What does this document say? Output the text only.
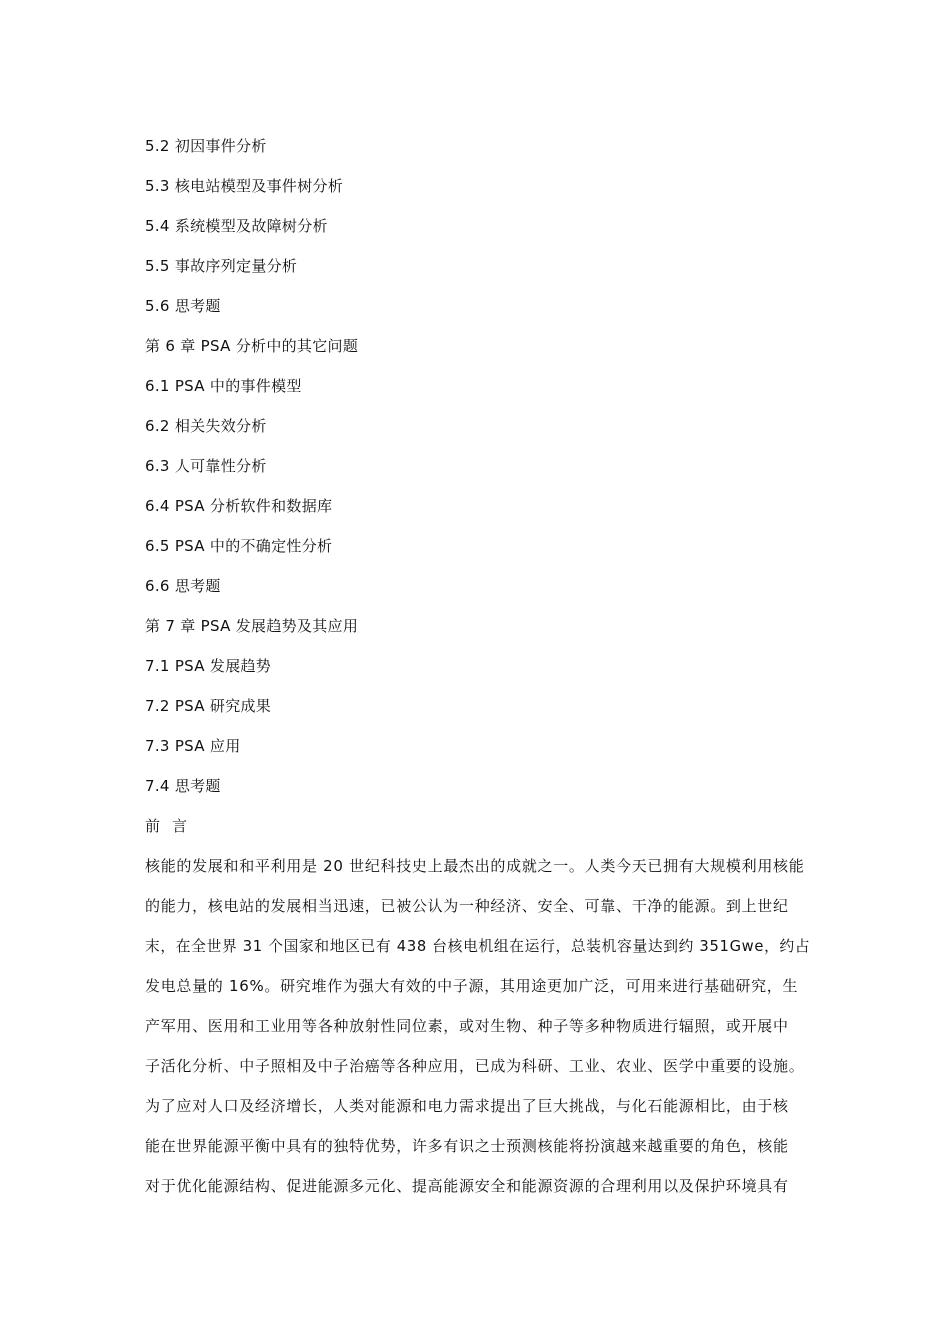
5.2 初因事件分析
5.3 核电站模型及事件树分析
5.4 系统模型及故障树分析
5.5 事故序列定量分析
5.6 思考题
第 6 章 PSA 分析中的其它问题
6.1 PSA 中的事件模型
6.2 相关失效分析
6.3 人可靠性分析
6.4 PSA 分析软件和数据库
6.5 PSA 中的不确定性分析
6.6 思考题
第 7 章 PSA 发展趋势及其应用
7.1 PSA 发展趋势
7.2 PSA 研究成果
7.3 PSA 应用
7.4 思考题
前言
核能的发展和和平利用是 20 世纪科技史上最杰出的成就之一。人类今天已拥有大规模利用核能
的能力，核电站的发展相当迅速，已被公认为一种经济、安全、可靠、干净的能源。到上世纪
末，在全世界 31 个国家和地区已有 438 台核电机组在运行，总装机容量达到约 351Gwe，约占
发电总量的 16%。研究堆作为强大有效的中子源，其用途更加广泛，可用来进行基础研究，生
产军用、医用和工业用等各种放射性同位素，或对生物、种子等多种物质进行辐照，或开展中
子活化分析、中子照相及中子治癌等各种应用，已成为科研、工业、农业、医学中重要的设施。
为了应对人口及经济增长，人类对能源和电力需求提出了巨大挑战，与化石能源相比，由于核
能在世界能源平衡中具有的独特优势，许多有识之士预测核能将扮演越来越重要的角色，核能
对于优化能源结构、促进能源多元化、提高能源安全和能源资源的合理利用以及保护环境具有
